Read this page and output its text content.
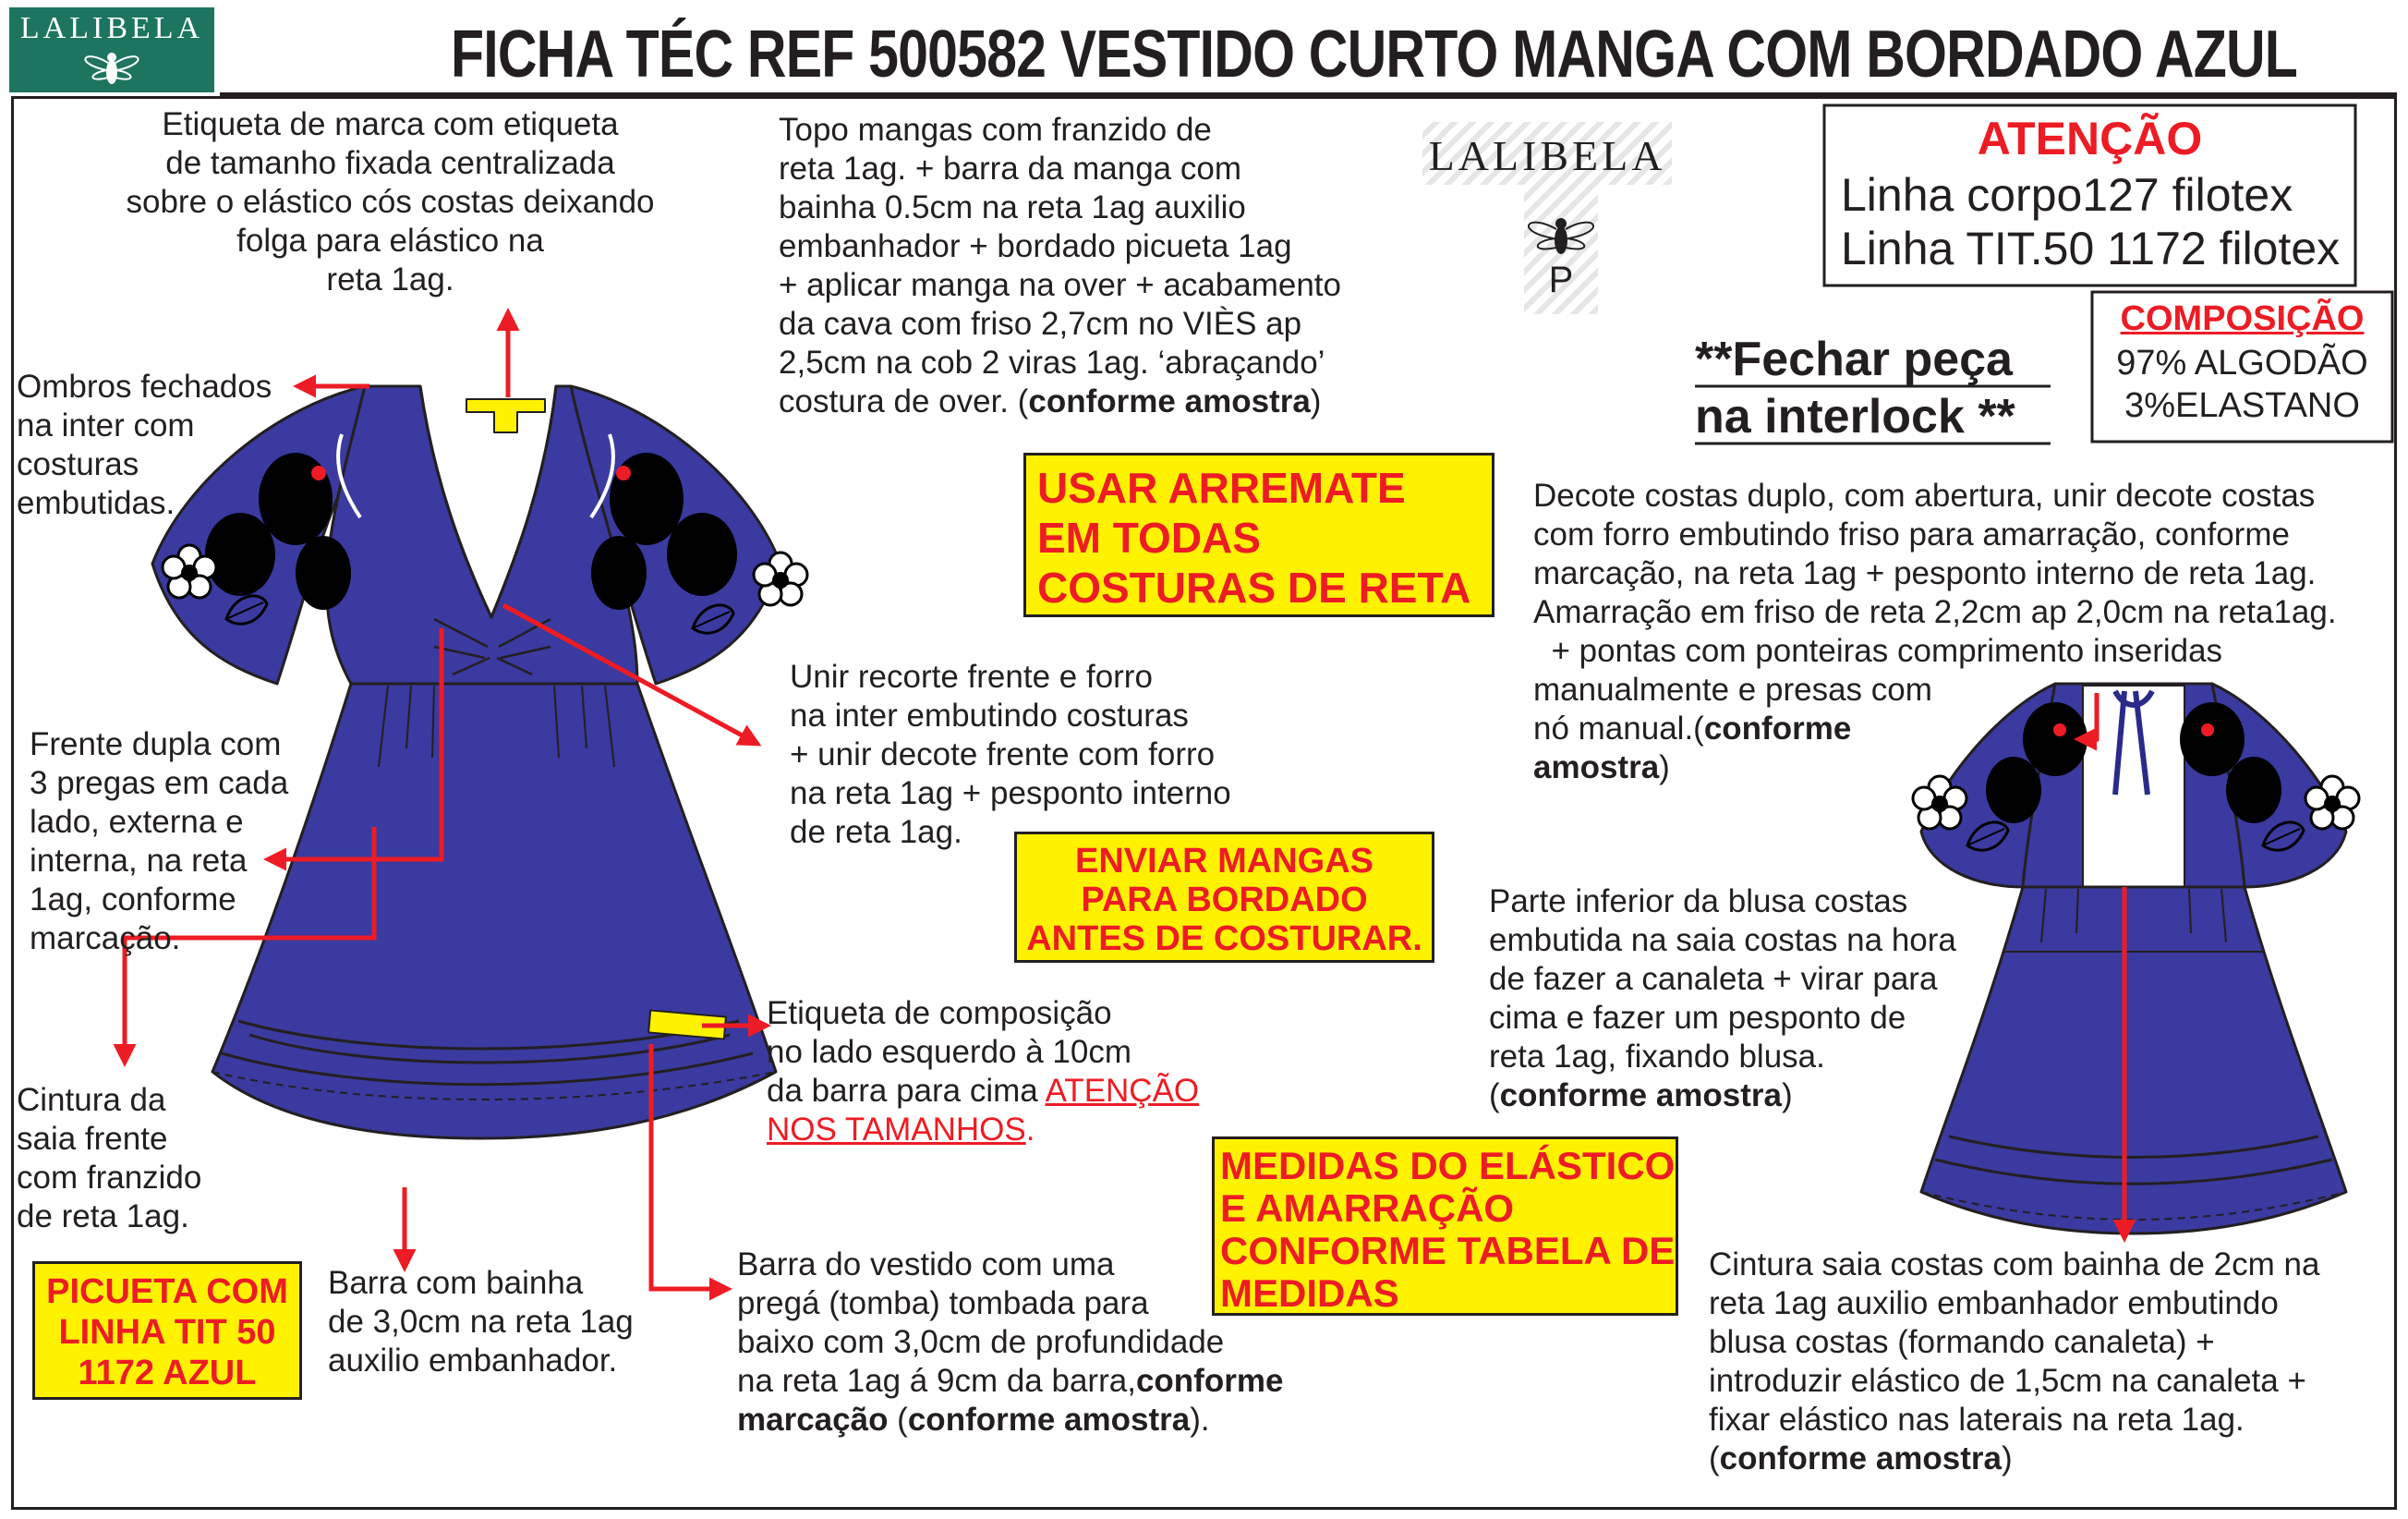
LALIBELA	FICHA TÉC REF 500582 VESTIDO CURTO MANGA COM BORDADO AZUL
LALIBELA
P
ATENÇÃO
Linha corpo127 filotex
Linha TIT.50 1172 filotex
COMPOSIÇÃO
97% ALGODÃO
3%ELASTANO
**Fechar peça
na interlock **
Etiqueta de marca com etiqueta
de tamanho fixada centralizada
sobre o elástico cós costas deixando
folga para elástico na
reta 1ag.
Ombros fechados
na inter com
costuras
embutidas.
Topo mangas com franzido de
reta 1ag. + barra da manga com
bainha 0.5cm na reta 1ag auxilio
embanhador + bordado picueta 1ag
+ aplicar manga na over + acabamento
da cava com friso 2,7cm no VIÈS ap
2,5cm na cob 2 viras 1ag. ‘abraçando’
costura de over. (conforme amostra)
USAR ARREMATE
EM TODAS
COSTURAS DE RETA
Unir recorte frente e forro
na inter embutindo costuras
+ unir decote frente com forro
na reta 1ag + pesponto interno
de reta 1ag.
Frente dupla com
3 pregas em cada
lado, externa e
interna, na reta
1ag, conforme
marcação.
ENVIAR MANGAS
PARA BORDADO
ANTES DE COSTURAR.
Cintura da
saia frente
com franzido
de reta 1ag.
Etiqueta de composição
no lado esquerdo à 10cm
da barra para cima ATENÇÃO
NOS TAMANHOS.
MEDIDAS DO ELÁSTICO
E AMARRAÇÃO
CONFORME TABELA DE
MEDIDAS
PICUETA COM
LINHA TIT 50
1172 AZUL
Barra com bainha
de 3,0cm na reta 1ag
auxilio embanhador.
Barra do vestido com uma
pregá (tomba) tombada para
baixo com 3,0cm de profundidade
na reta 1ag á 9cm da barra,conforme
marcação (conforme amostra).
Decote costas duplo, com abertura, unir decote costas
com forro embutindo friso para amarração, conforme
marcação, na reta 1ag + pesponto interno de reta 1ag.
Amarração em friso de reta 2,2cm ap 2,0cm na reta1ag.
+ pontas com ponteiras comprimento inseridas
manualmente e presas com
nó manual.(conforme
amostra)
Parte inferior da blusa costas
embutida na saia costas na hora
de fazer a canaleta + virar para
cima e fazer um pesponto de
reta 1ag, fixando blusa.
(conforme amostra)
Cintura saia costas com bainha de 2cm na
reta 1ag auxilio embanhador embutindo
blusa costas (formando canaleta) +
introduzir elástico de 1,5cm na canaleta +
fixar elástico nas laterais na reta 1ag.
(conforme amostra)
